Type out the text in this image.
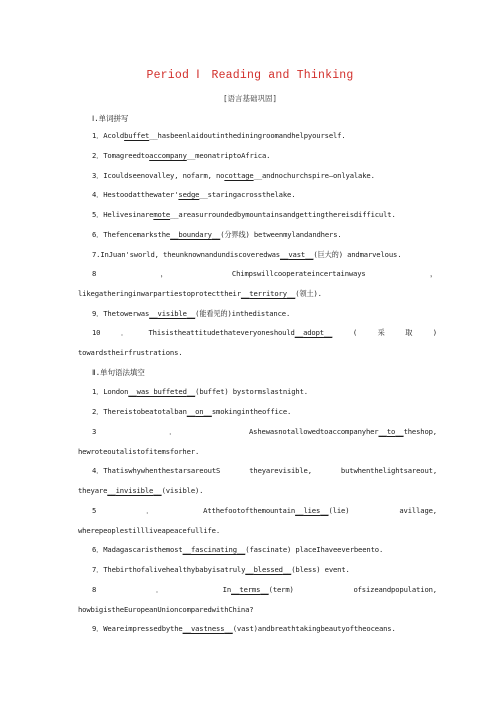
Period Ⅰ　Reading and Thinking
[语言基础巩固]
Ⅰ.单词拼写
1．Acoldbuffet__hasbeenlaidoutinthediningroomandhelpyourself.
2．Tomagreedtoaccompany__meonatriptoAfrica.
3．Icouldseenovalley, nofarm, nocottage__andnochurchspire—onlyalake.
4．Hestoodatthewater'sedge__staringacrossthelake.
5．Helivesinaremote__areasurroundedbymountainsandgettingthereisdifficult.
6．Thefencemarksthe__boundary__(分界线) betweenmylandandhers.
7.InJuan'sworld, theunknownandundiscoveredwas__vast__(巨大的) andmarvelous.
8	，	Chimpswillcooperateincertainways	，
likegatheringinwarpartiestoprotecttheir__territory__(领土).
9．Thetowerwas__visible__(能看见的)inthedistance.
10	．	Thisistheattitudethateveryoneshould__adopt__	(	采	取	)
towardstheirfrustrations.
Ⅱ.单句语法填空
1．London__was buffeted__(buffet) bystormslastnight.
2．Thereistobeatotalban__on__smokingintheoffice.
3	．	Ashewasnotallowedtoaccompanyher__to__theshop,
hewroteoutalistofitemsforher.
4．ThatiswhywhenthestarsareoutS	theyarevisible,	butwhenthelightsareout,
theyare__invisible__(visible).
5	．	Atthefootofthemountain__lies__(lie)	avillage,
wherepeoplestillliveapeacefullife.
6．Madagascaristhemost__fascinating__(fascinate) placeIhaveeverbeento.
7．Thebirthofalivehealthybabyisatruly__blessed__(bless) event.
8	．	In__terms__(term)	ofsizeandpopulation,
howbigistheEuropeanUnioncomparedwithChina?
9．Weareimpressedbythe__vastness__(vast)andbreathtakingbeautyoftheoceans.
